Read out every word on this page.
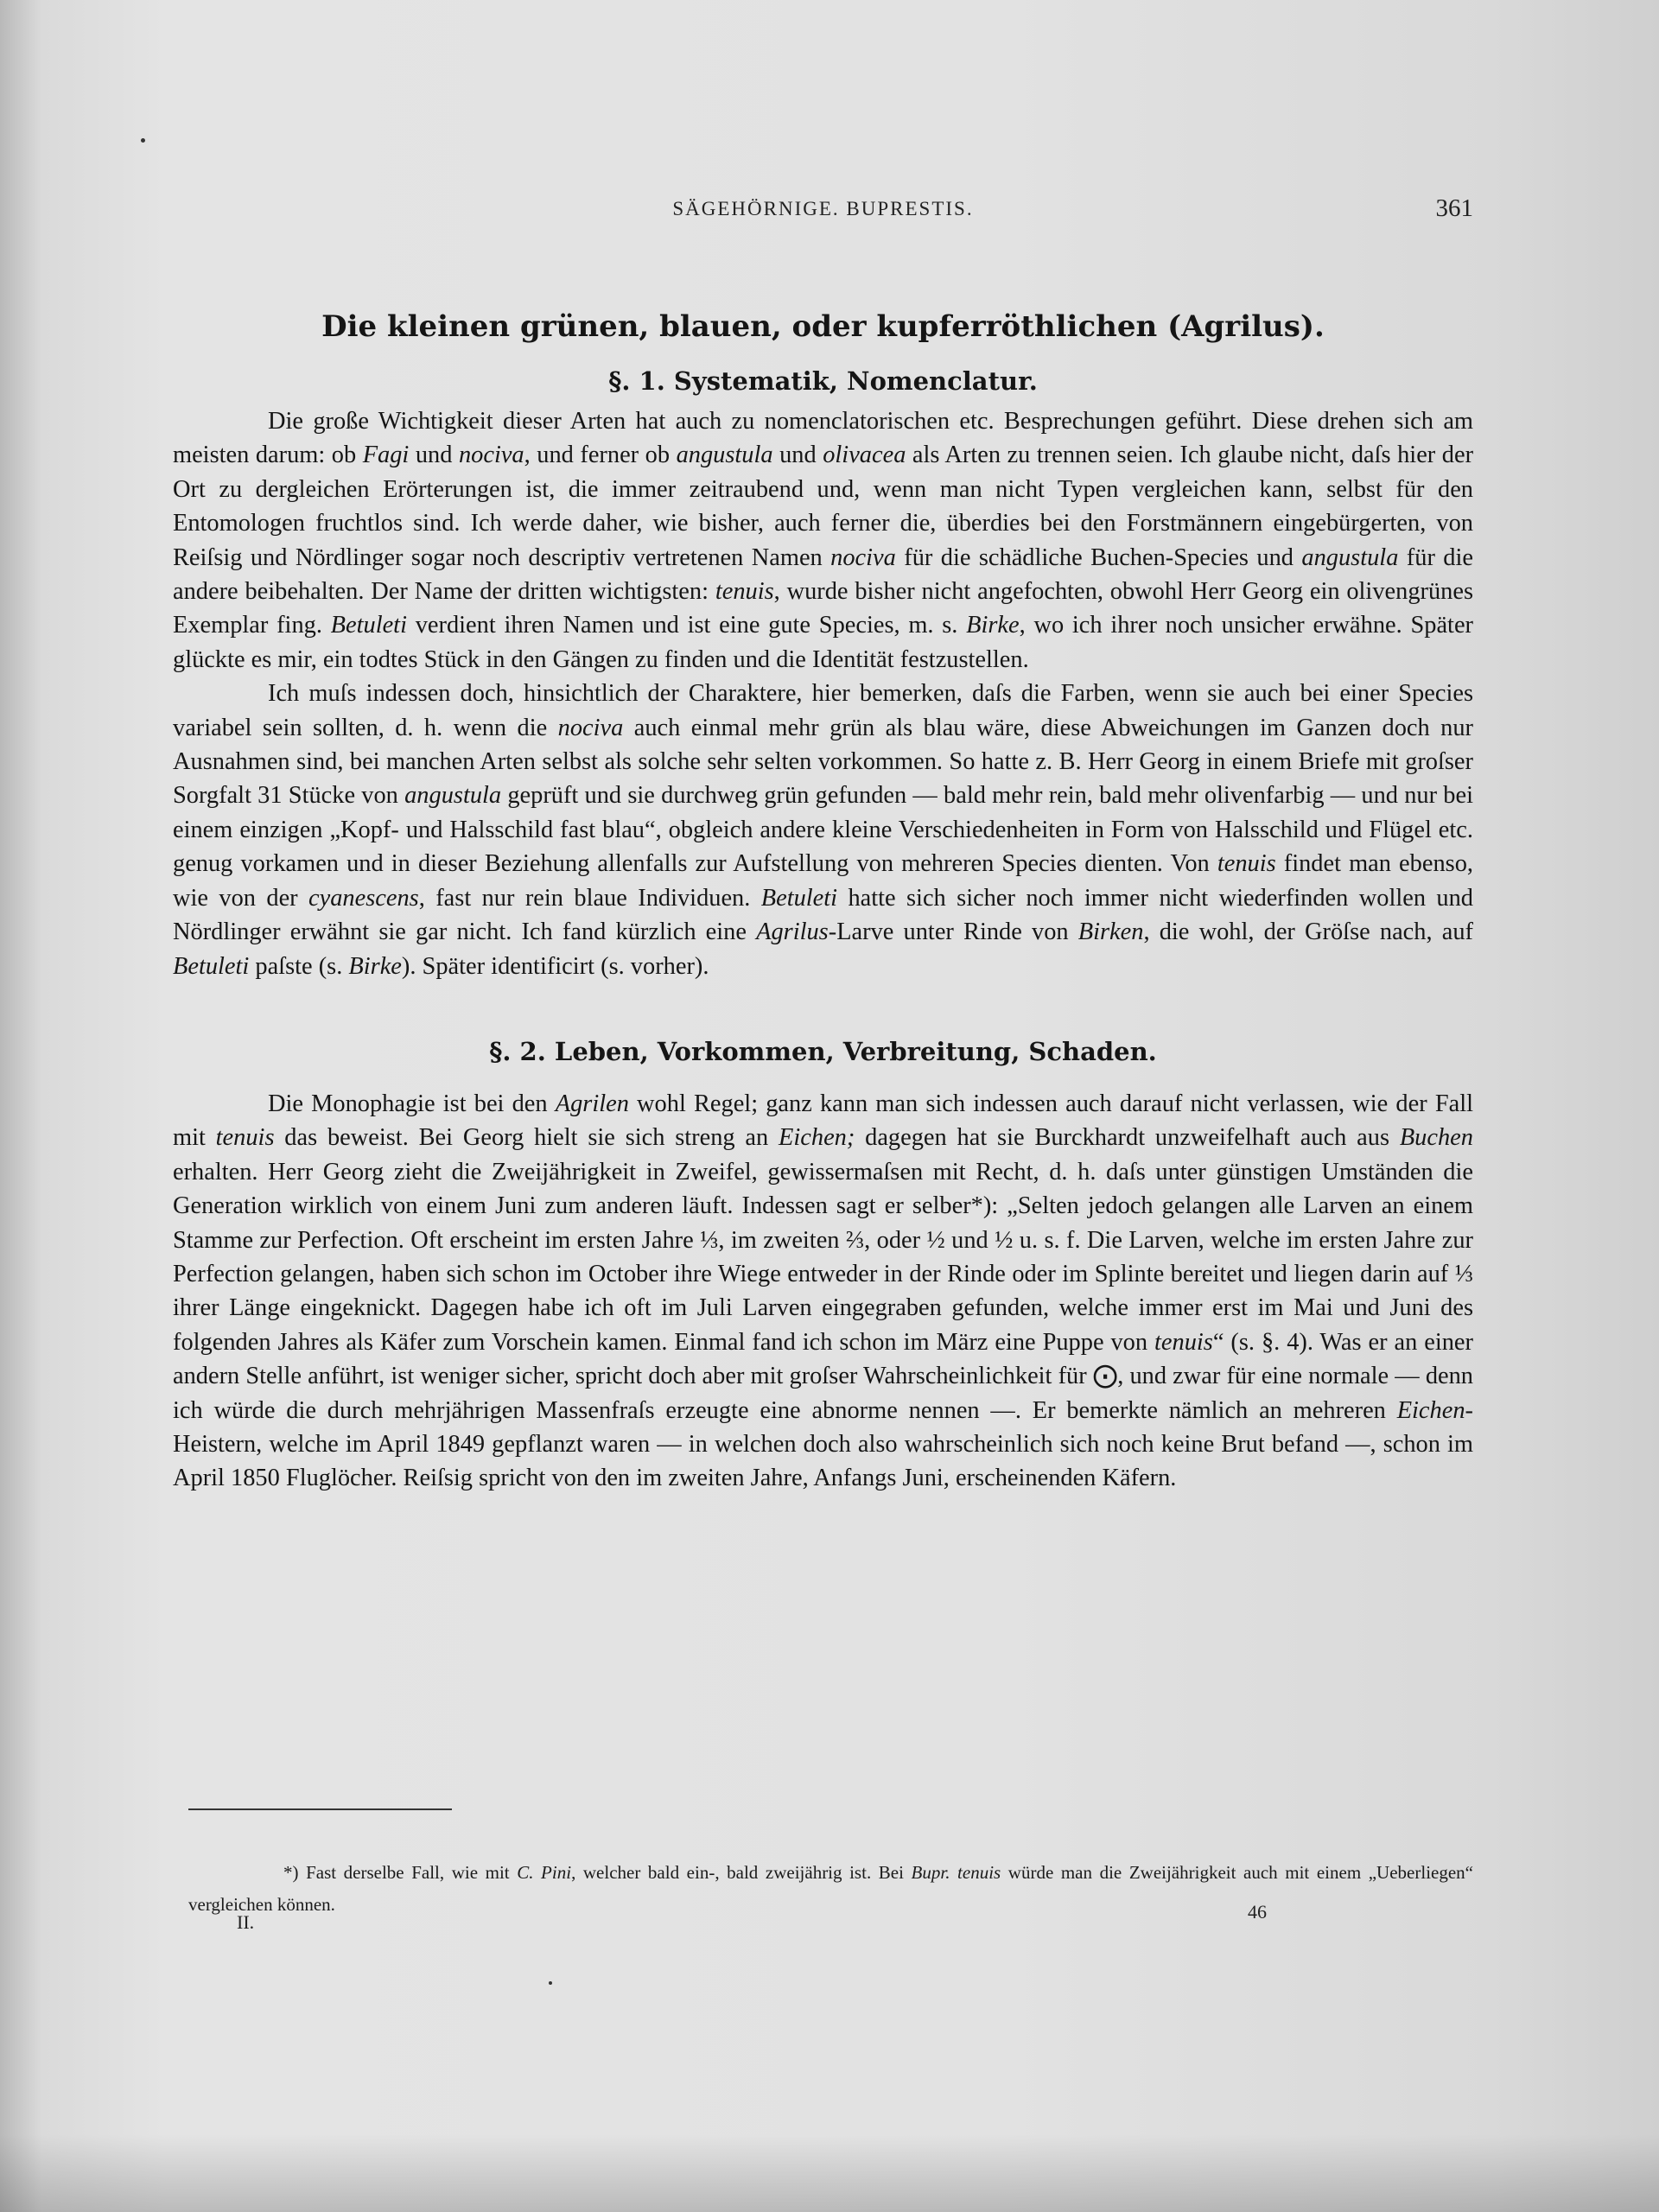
SÄGEHÖRNIGE. BUPRESTIS.	361
Die kleinen grünen, blauen, oder kupferröthlichen (Agrilus).
§. 1. Systematik, Nomenclatur.

Die große Wichtigkeit dieser Arten hat auch zu nomenclatorischen etc. Besprechungen geführt. Diese drehen sich am meisten darum: ob Fagi und nociva, und ferner ob angustula und olivacea als Arten zu trennen seien. Ich glaube nicht, daſs hier der Ort zu dergleichen Erörterungen ist, die immer zeitraubend und, wenn man nicht Typen vergleichen kann, selbst für den Entomologen fruchtlos sind. Ich werde daher, wie bisher, auch ferner die, überdies bei den Forstmännern eingebürgerten, von Reiſsig und Nördlinger sogar noch descriptiv vertretenen Namen nociva für die schädliche Buchen-Species und angustula für die andere beibehalten. Der Name der dritten wichtigsten: tenuis, wurde bisher nicht angefochten, obwohl Herr Georg ein olivengrünes Exemplar fing. Betuleti verdient ihren Namen und ist eine gute Species, m. s. Birke, wo ich ihrer noch unsicher erwähne. Später glückte es mir, ein todtes Stück in den Gängen zu finden und die Identität festzustellen.

Ich muſs indessen doch, hinsichtlich der Charaktere, hier bemerken, daſs die Farben, wenn sie auch bei einer Species variabel sein sollten, d. h. wenn die nociva auch einmal mehr grün als blau wäre, diese Abweichungen im Ganzen doch nur Ausnahmen sind, bei manchen Arten selbst als solche sehr selten vorkommen. So hatte z. B. Herr Georg in einem Briefe mit groſser Sorgfalt 31 Stücke von angustula geprüft und sie durchweg grün gefunden — bald mehr rein, bald mehr olivenfarbig — und nur bei einem einzigen „Kopf- und Halsschild fast blau“, obgleich andere kleine Verschiedenheiten in Form von Halsschild und Flügel etc. genug vorkamen und in dieser Beziehung allenfalls zur Aufstellung von mehreren Species dienten. Von tenuis findet man ebenso, wie von der cyanescens, fast nur rein blaue Individuen. Betuleti hatte sich sicher noch immer nicht wiederfinden wollen und Nördlinger erwähnt sie gar nicht. Ich fand kürzlich eine Agrilus-Larve unter Rinde von Birken, die wohl, der Gröſse nach, auf Betuleti paſste (s. Birke). Später identificirt (s. vorher).

§. 2. Leben, Vorkommen, Verbreitung, Schaden.

Die Monophagie ist bei den Agrilen wohl Regel; ganz kann man sich indessen auch darauf nicht verlassen, wie der Fall mit tenuis das beweist. Bei Georg hielt sie sich streng an Eichen; dagegen hat sie Burckhardt unzweifelhaft auch aus Buchen erhalten. Herr Georg zieht die Zweijährigkeit in Zweifel, gewissermaſsen mit Recht, d. h. daſs unter günstigen Umständen die Generation wirklich von einem Juni zum anderen läuft. Indessen sagt er selber*): „Selten jedoch gelangen alle Larven an einem Stamme zur Perfection. Oft erscheint im ersten Jahre ⅓, im zweiten ⅔, oder ½ und ½ u. s. f. Die Larven, welche im ersten Jahre zur Perfection gelangen, haben sich schon im October ihre Wiege entweder in der Rinde oder im Splinte bereitet und liegen darin auf ⅓ ihrer Länge eingeknickt. Dagegen habe ich oft im Juli Larven eingegraben gefunden, welche immer erst im Mai und Juni des folgenden Jahres als Käfer zum Vorschein kamen. Einmal fand ich schon im März eine Puppe von tenuis“ (s. §. 4). Was er an einer andern Stelle anführt, ist weniger sicher, spricht doch aber mit groſser Wahrscheinlichkeit für ⨀, und zwar für eine normale — denn ich würde die durch mehrjährigen Massenfraſs erzeugte eine abnorme nennen —. Er bemerkte nämlich an mehreren Eichen-Heistern, welche im April 1849 gepflanzt waren — in welchen doch also wahrscheinlich sich noch keine Brut befand —, schon im April 1850 Fluglöcher. Reiſsig spricht von den im zweiten Jahre, Anfangs Juni, erscheinenden Käfern.

*) Fast derselbe Fall, wie mit C. Pini, welcher bald ein-, bald zweijährig ist. Bei Bupr. tenuis würde man die Zweijährigkeit auch mit einem „Ueberliegen“ vergleichen können.

II.	46
